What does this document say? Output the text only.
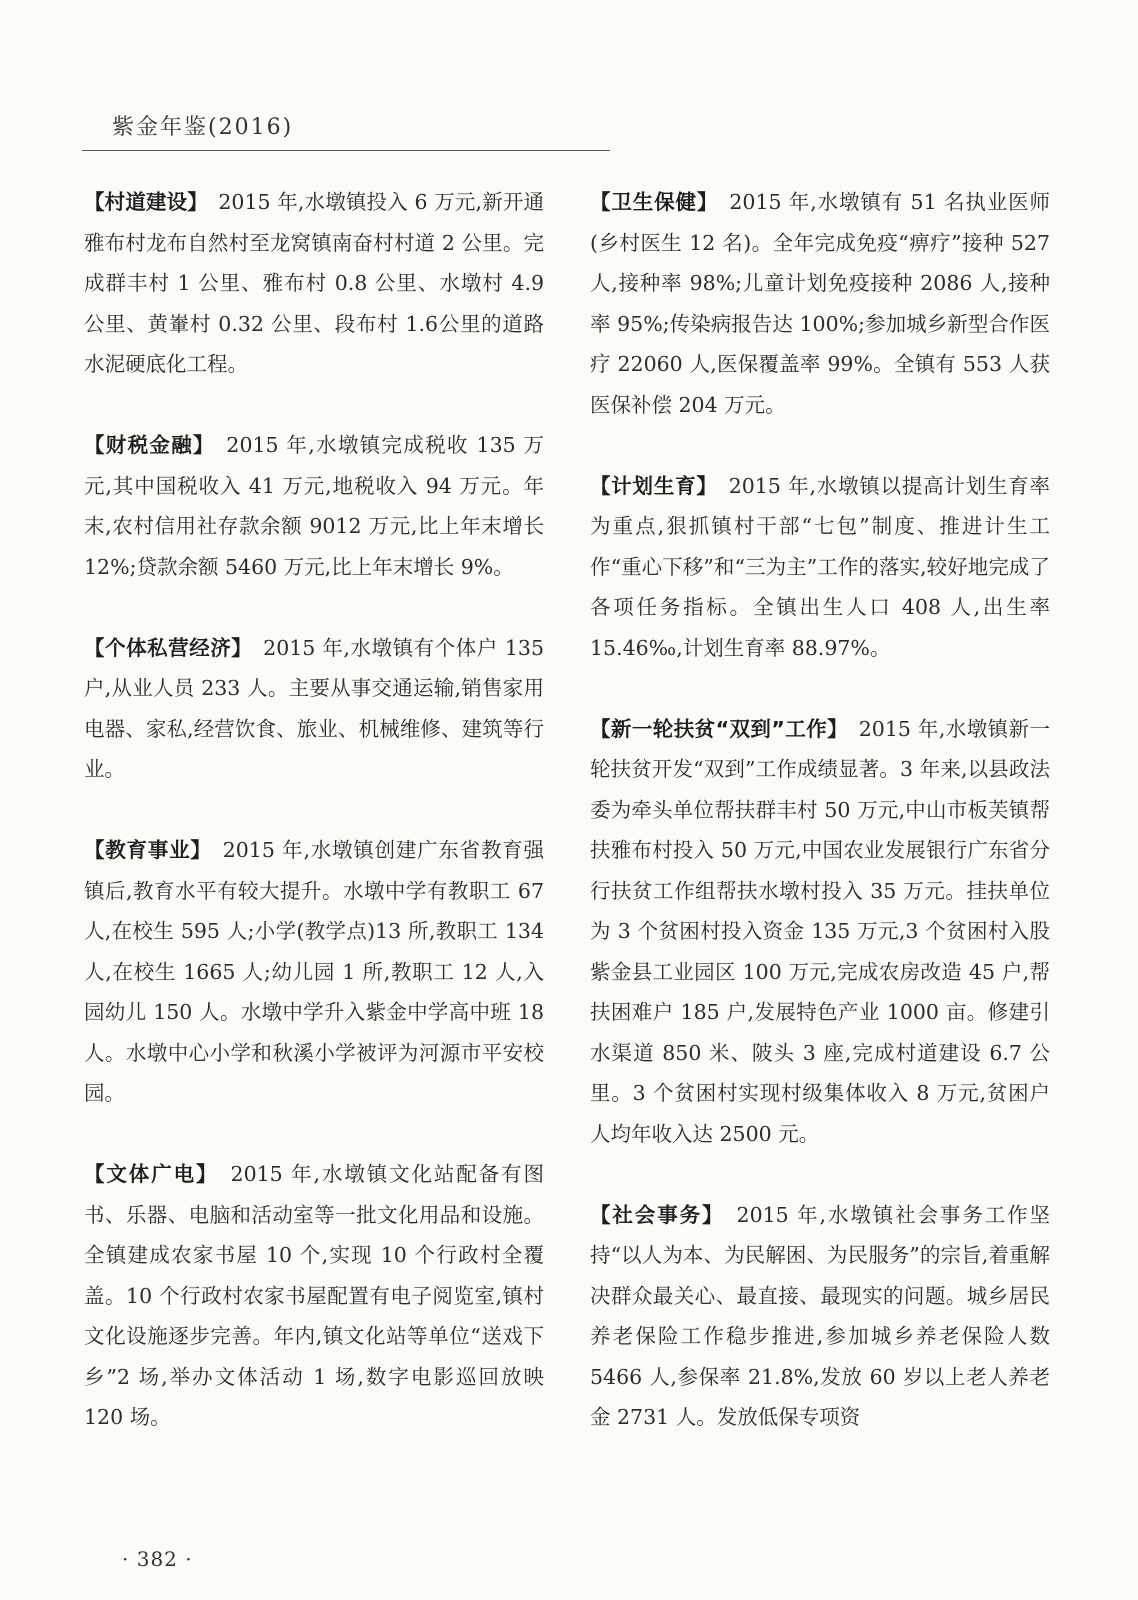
紫金年鉴(2016)

【村道建设】 2015 年,水墩镇投入 6 万元,新开通雅布村龙布自然村至龙窝镇南奋村村道 2 公里。完成群丰村 1 公里、雅布村 0.8 公里、水墩村 4.9 公里、黄輋村 0.32 公里、段布村 1.6公里的道路水泥硬底化工程。

【财税金融】 2015 年,水墩镇完成税收 135 万元,其中国税收入 41 万元,地税收入 94 万元。年末,农村信用社存款余额 9012 万元,比上年末增长 12%;贷款余额 5460 万元,比上年末增长 9%。

【个体私营经济】 2015 年,水墩镇有个体户 135 户,从业人员 233 人。主要从事交通运输,销售家用电器、家私,经营饮食、旅业、机械维修、建筑等行业。

【教育事业】 2015 年,水墩镇创建广东省教育强镇后,教育水平有较大提升。水墩中学有教职工 67 人,在校生 595 人;小学(教学点)13 所,教职工 134 人,在校生 1665 人;幼儿园 1 所,教职工 12 人,入园幼儿 150 人。水墩中学升入紫金中学高中班 18 人。水墩中心小学和秋溪小学被评为河源市平安校园。

【文体广电】 2015 年,水墩镇文化站配备有图书、乐器、电脑和活动室等一批文化用品和设施。全镇建成农家书屋 10 个,实现 10 个行政村全覆盖。10 个行政村农家书屋配置有电子阅览室,镇村文化设施逐步完善。年内,镇文化站等单位“送戏下乡”2 场,举办文体活动 1 场,数字电影巡回放映 120 场。

【卫生保健】 2015 年,水墩镇有 51 名执业医师(乡村医生 12 名)。全年完成免疫“痹疗”接种 527 人,接种率 98%;儿童计划免疫接种 2086 人,接种率 95%;传染病报告达 100%;参加城乡新型合作医疗 22060 人,医保覆盖率 99%。全镇有 553 人获医保补偿 204 万元。

【计划生育】 2015 年,水墩镇以提高计划生育率为重点,狠抓镇村干部“七包”制度、推进计生工作“重心下移”和“三为主”工作的落实,较好地完成了各项任务指标。全镇出生人口 408 人,出生率 15.46‰,计划生育率 88.97%。

【新一轮扶贫“双到”工作】 2015 年,水墩镇新一轮扶贫开发“双到”工作成绩显著。3 年来,以县政法委为牵头单位帮扶群丰村 50 万元,中山市板芙镇帮扶雅布村投入 50 万元,中国农业发展银行广东省分行扶贫工作组帮扶水墩村投入 35 万元。挂扶单位为 3 个贫困村投入资金 135 万元,3 个贫困村入股紫金县工业园区 100 万元,完成农房改造 45 户,帮扶困难户 185 户,发展特色产业 1000 亩。修建引水渠道 850 米、陂头 3 座,完成村道建设 6.7 公里。3 个贫困村实现村级集体收入 8 万元,贫困户人均年收入达 2500 元。

【社会事务】 2015 年,水墩镇社会事务工作坚持“以人为本、为民解困、为民服务”的宗旨,着重解决群众最关心、最直接、最现实的问题。城乡居民养老保险工作稳步推进,参加城乡养老保险人数 5466 人,参保率 21.8%,发放 60 岁以上老人养老金 2731 人。发放低保专项资

· 382 ·
